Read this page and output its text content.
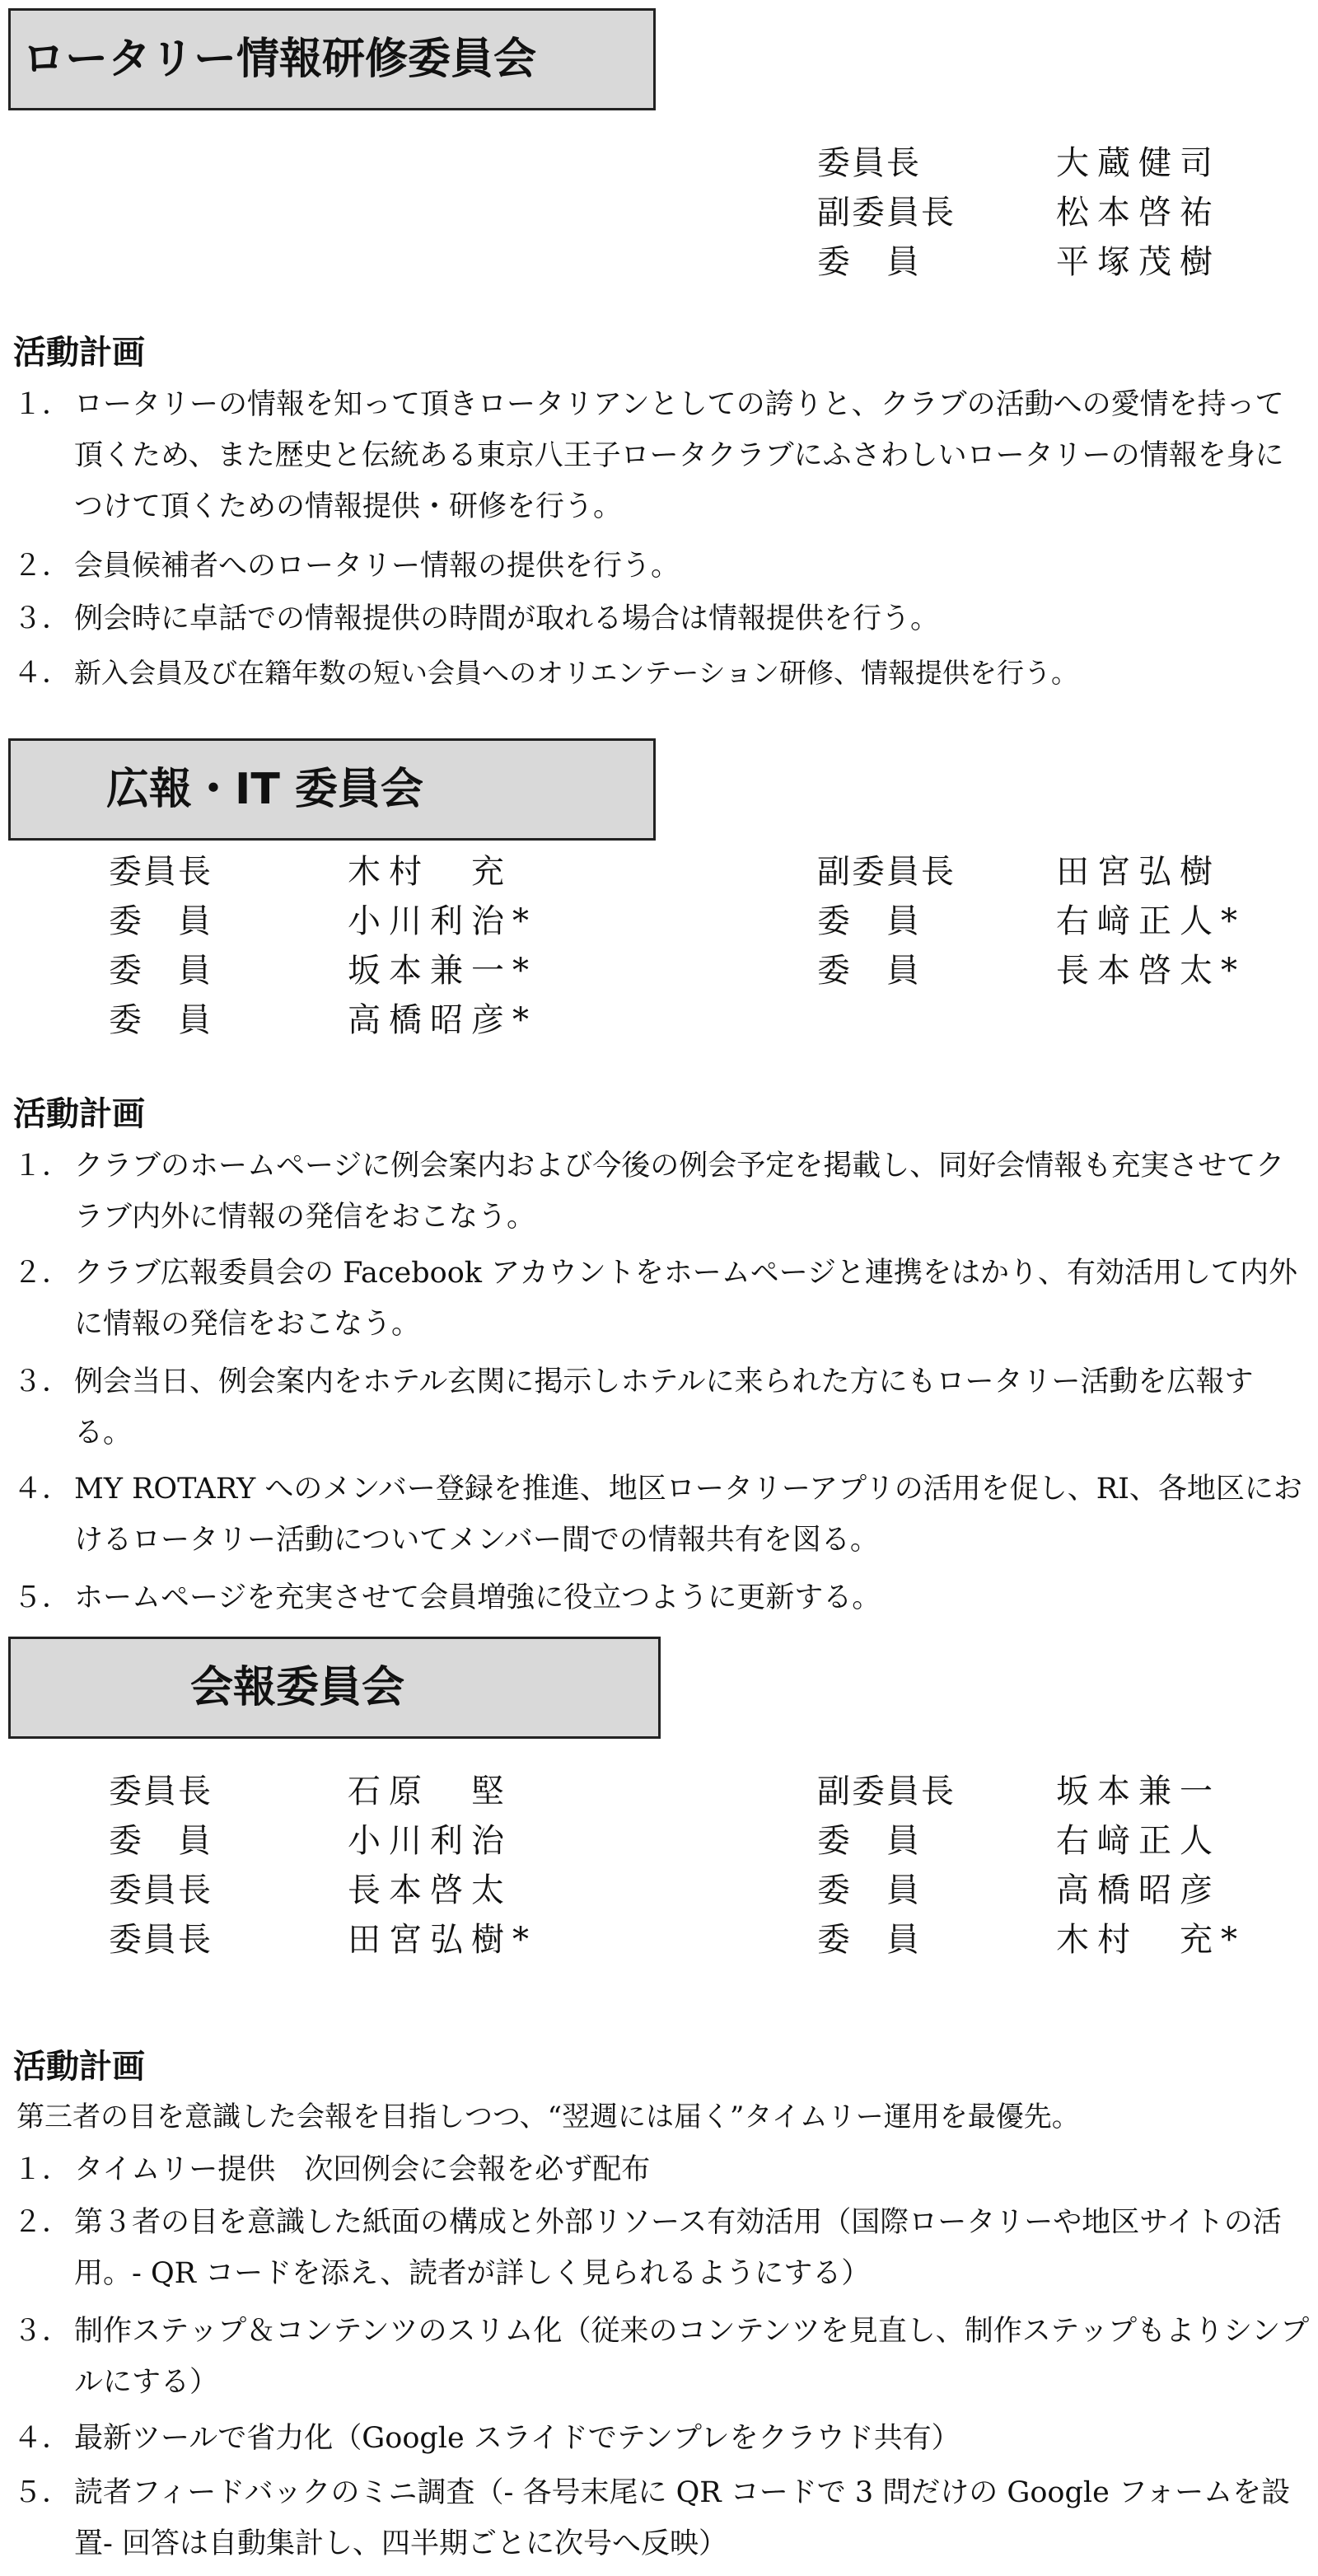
ロータリー情報研修委員会
委員長	大蔵健司
副委員長	松本啓祐
委　員	平塚茂樹
活動計画
１． ロータリーの情報を知って頂きロータリアンとしての誇りと、クラブの活動への愛情を持って頂くため、また歴史と伝統ある東京八王子ロータクラブにふさわしいロータリーの情報を身につけて頂くための情報提供・研修を行う。
２． 会員候補者へのロータリー情報の提供を行う。
３． 例会時に卓話での情報提供の時間が取れる場合は情報提供を行う。
４． 新入会員及び在籍年数の短い会員へのオリエンテーション研修、情報提供を行う。
広報・IT 委員会
委員長	木村　充
委　員	小川利治*
委　員	坂本兼一*
委　員	高橋昭彦*
副委員長	田宮弘樹
委　員	右﨑正人*
委　員	長本啓太*
活動計画
１． クラブのホームページに例会案内および今後の例会予定を掲載し、同好会情報も充実させてクラブ内外に情報の発信をおこなう。
２． クラブ広報委員会の Facebook アカウントをホームページと連携をはかり、有効活用して内外に情報の発信をおこなう。
３． 例会当日、例会案内をホテル玄関に掲示しホテルに来られた方にもロータリー活動を広報する。
４． MY ROTARY へのメンバー登録を推進、地区ロータリーアプリの活用を促し、RI、各地区におけるロータリー活動についてメンバー間での情報共有を図る。
５． ホームページを充実させて会員増強に役立つように更新する。
会報委員会
委員長	石原　堅
委　員	小川利治
委員長	長本啓太
委員長	田宮弘樹*
副委員長	坂本兼一
委　員	右﨑正人
委　員	高橋昭彦
委　員	木村　充*
活動計画
第三者の目を意識した会報を目指しつつ、“翌週には届く”タイムリー運用を最優先。
１． タイムリー提供　次回例会に会報を必ず配布
２． 第３者の目を意識した紙面の構成と外部リソース有効活用（国際ロータリーや地区サイトの活用。- QR コードを添え、読者が詳しく見られるようにする）
３． 制作ステップ＆コンテンツのスリム化（従来のコンテンツを見直し、制作ステップもよりシンプルにする）
４． 最新ツールで省力化（Google スライドでテンプレをクラウド共有）
５． 読者フィードバックのミニ調査（- 各号末尾に QR コードで 3 問だけの Google フォームを設置- 回答は自動集計し、四半期ごとに次号へ反映）
